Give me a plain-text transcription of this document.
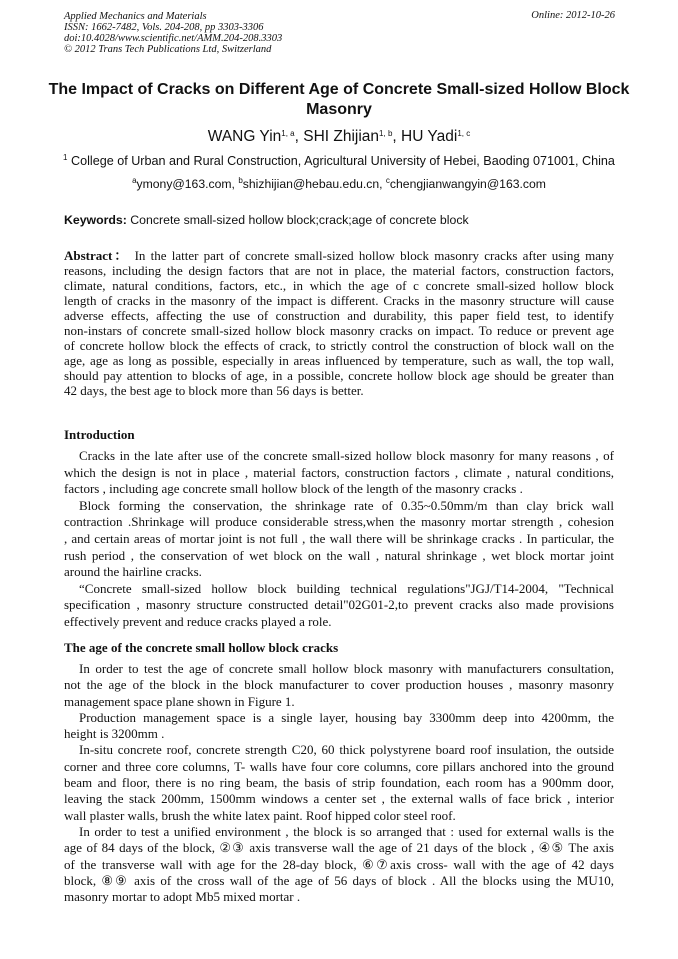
Applied Mechanics and Materials
ISSN: 1662-7482, Vols. 204-208, pp 3303-3306
doi:10.4028/www.scientific.net/AMM.204-208.3303
© 2012 Trans Tech Publications Ltd, Switzerland
Online: 2012-10-26
The Impact of Cracks on Different Age of Concrete Small-sized Hollow Block Masonry
WANG Yin$^{1, a}$, SHI Zhijian$^{1, b}$, HU Yadi$^{1, c}$
$^1$ College of Urban and Rural Construction, Agricultural University of Hebei, Baoding 071001, China
$^a$ymony@163.com, $^b$shizhijian@hebau.edu.cn, $^c$chengjianwangyin@163.com
Keywords: Concrete small-sized hollow block;crack;age of concrete block
Abstract： In the latter part of concrete small-sized hollow block masonry cracks after using many
reasons, including the design factors that are not in place, the material factors, construction factors,
climate, natural conditions, factors, etc., in which the age of c concrete small-sized hollow block
length of cracks in the masonry of the impact is different. Cracks in the masonry structure will cause
adverse effects, affecting the use of construction and durability, this paper field test, to identify
non-instars of concrete small-sized hollow block masonry cracks on impact. To reduce or prevent age
of concrete hollow block the effects of crack, to strictly control the construction of block wall on the
age, age as long as possible, especially in areas influenced by temperature, such as wall, the top wall,
should pay attention to blocks of age, in a possible, concrete hollow block age should be greater than
42 days, the best age to block more than 56 days is better.
Introduction
Cracks in the late after use of the concrete small-sized hollow block masonry for many reasons , of
which the design is not in place , material factors, construction factors , climate , natural conditions,
factors , including age concrete small hollow block of the length of the masonry cracks .
Block forming the conservation, the shrinkage rate of 0.35~0.50mm/m than clay brick wall
contraction .Shrinkage will produce considerable stress,when the masonry mortar strength , cohesion
, and certain areas of mortar joint is not full , the wall there will be shrinkage cracks . In particular, the
rush period , the conservation of wet block on the wall , natural shrinkage , wet block mortar joint
around the hairline cracks.
“Concrete small-sized hollow block building technical regulations"JGJ/T14-2004, "Technical
specification , masonry structure constructed detail"02G01-2,to prevent cracks also made provisions
effectively prevent and reduce cracks played a role.
The age of the concrete small hollow block cracks
In order to test the age of concrete small hollow block masonry with manufacturers consultation,
not the age of the block in the block manufacturer to cover production houses , masonry masonry
management space plane shown in Figure 1.
Production management space is a single layer, housing bay 3300mm deep into 4200mm, the
height is 3200mm .
In-situ concrete roof, concrete strength C20, 60 thick polystyrene board roof insulation, the outside
corner and three core columns, T- walls have four core columns, core pillars anchored into the ground
beam and floor, there is no ring beam, the basis of strip foundation, each room has a 900mm door,
leaving the stack 200mm, 1500mm windows a center set , the external walls of face brick , interior
wall plaster walls, brush the white latex paint. Roof hipped color steel roof.
In order to test a unified environment , the block is so arranged that : used for external walls is the
age of 84 days of the block, ②③ axis transverse wall the age of 21 days of the block , ④⑤ The axis
of the transverse wall with age for the 28-day block, ⑥⑦axis cross- wall with the age of 42 days
block, ⑧⑨ axis of the cross wall of the age of 56 days of block . All the blocks using the MU10,
masonry mortar to adopt Mb5 mixed mortar .
